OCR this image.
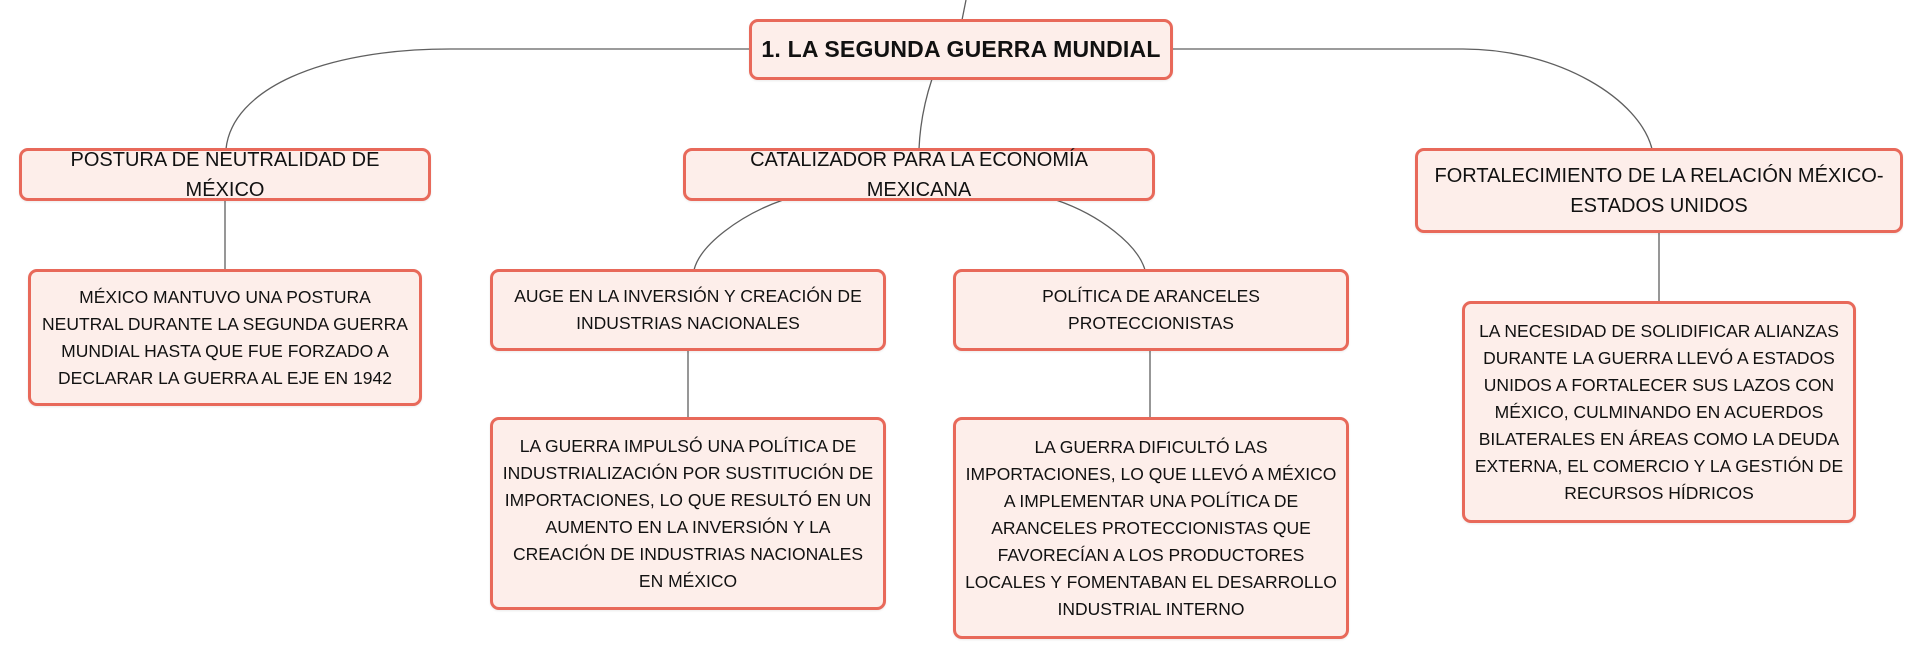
1. LA SEGUNDA GUERRA MUNDIAL
POSTURA DE NEUTRALIDAD DE MÉXICO
CATALIZADOR PARA LA ECONOMÍA MEXICANA
FORTALECIMIENTO DE LA RELACIÓN MÉXICO-ESTADOS UNIDOS
MÉXICO MANTUVO UNA POSTURA NEUTRAL DURANTE LA SEGUNDA GUERRA MUNDIAL HASTA QUE FUE FORZADO A DECLARAR LA GUERRA AL EJE EN 1942
AUGE EN LA INVERSIÓN Y CREACIÓN DE INDUSTRIAS NACIONALES
POLÍTICA DE ARANCELES PROTECCIONISTAS	LA NECESIDAD DE SOLIDIFICAR ALIANZAS DURANTE LA GUERRA LLEVÓ A ESTADOS UNIDOS A FORTALECER SUS LAZOS CON MÉXICO, CULMINANDO EN ACUERDOS BILATERALES EN ÁREAS COMO LA DEUDA EXTERNA, EL COMERCIO Y LA GESTIÓN DE RECURSOS HÍDRICOS
LA GUERRA IMPULSÓ UNA POLÍTICA DE INDUSTRIALIZACIÓN POR SUSTITUCIÓN DE IMPORTACIONES, LO QUE RESULTÓ EN UN AUMENTO EN LA INVERSIÓN Y LA CREACIÓN DE INDUSTRIAS NACIONALES EN MÉXICO
LA GUERRA DIFICULTÓ LAS IMPORTACIONES, LO QUE LLEVÓ A MÉXICO A IMPLEMENTAR UNA POLÍTICA DE ARANCELES PROTECCIONISTAS QUE FAVORECÍAN A LOS PRODUCTORES LOCALES Y FOMENTABAN EL DESARROLLO INDUSTRIAL INTERNO
